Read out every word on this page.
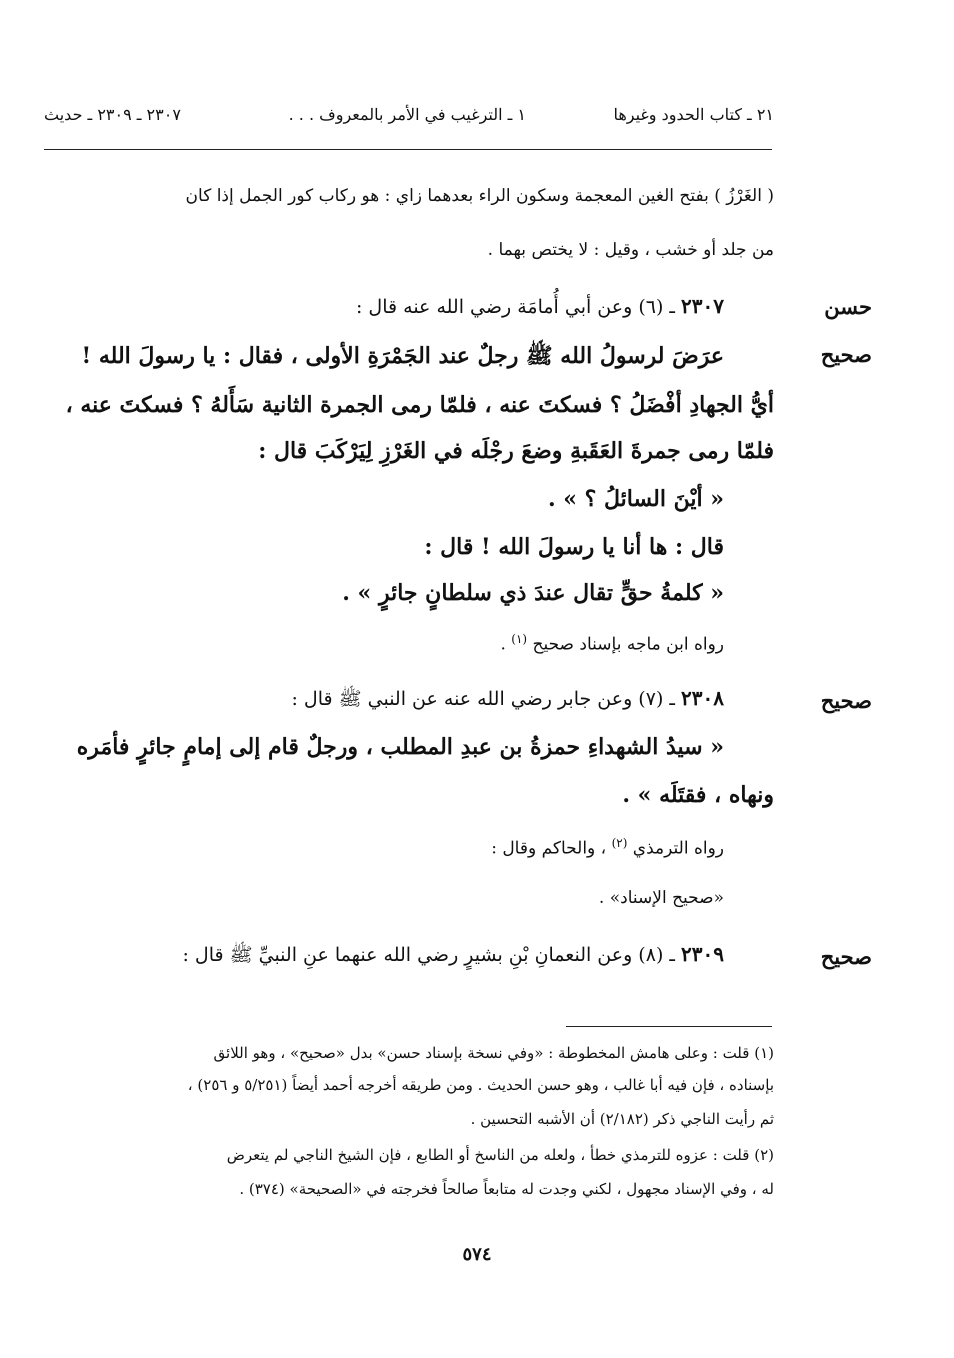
٢١ ـ كتاب الحدود وغيرها
١ ـ الترغيب في الأمر بالمعروف . . .
٢٣٠٧ ـ ٢٣٠٩ ـ حديث
( الغَرْزُ ) بفتح الغين المعجمة وسكون الراء بعدهما زاي : هو ركاب كور الجمل إذا كان
من جلد أو خشب ، وقيل : لا يختص بهما .
حسن
صحيح
٢٣٠٧ ـ (٦) وعن أبي أُمامَة رضي الله عنه قال :
عرَضَ لرسولُ الله ﷺ رجلٌ عند الجَمْرَةِ الأولى ، فقال : يا رسولَ الله !
أيُّ الجهادِ أفْضَلُ ؟ فسكتَ عنه ، فلمّا رمى الجمرة الثانية سَأَلهُ ؟ فسكتَ عنه ،
فلمّا رمى جمرةَ العَقَبةِ وضعَ رجْلَه في الغَرْزِ لِيَرْكَبَ قال :
« أيْنَ السائلُ ؟ » .
قال : ها أنا يا رسولَ الله ! قال :
« كلمةُ حقٍّ تقال عندَ ذي سلطانٍ جائرٍ » .
رواه ابن ماجه بإسناد صحيح $^{(١)}$ .
صحيح
٢٣٠٨ ـ (٧) وعن جابر رضي الله عنه عن النبي ﷺ قال :
« سيدُ الشهداءِ حمزةُ بن عبدِ المطلب ، ورجلٌ قام إلى إمامٍ جائرٍ فأمَره
ونهاه ، فقتَلَه » .
رواه الترمذي $^{(٢)}$ ، والحاكم وقال :
«صحيح الإسناد» .
صحيح
٢٣٠٩ ـ (٨) وعن النعمانِ بْنِ بشيرٍ رضي الله عنهما عنِ النبيِّ ﷺ قال :
(١) قلت : وعلى هامش المخطوطة : «وفي نسخة بإسناد حسن» بدل «صحيح» ، وهو اللائق
بإسناده ، فإن فيه أبا غالب ، وهو حسن الحديث . ومن طريقه أخرجه أحمد أيضاً (٥/٢٥١ و ٢٥٦) ،
ثم رأيت الناجي ذكر (٢/١٨٢) أن الأشبه التحسين .
(٢) قلت : عزوه للترمذي خطأ ، ولعله من الناسخ أو الطابع ، فإن الشيخ الناجي لم يتعرض
له ، وفي الإسناد مجهول ، لكني وجدت له متابعاً صالحاً فخرجته في «الصحيحة» (٣٧٤) .
٥٧٤
